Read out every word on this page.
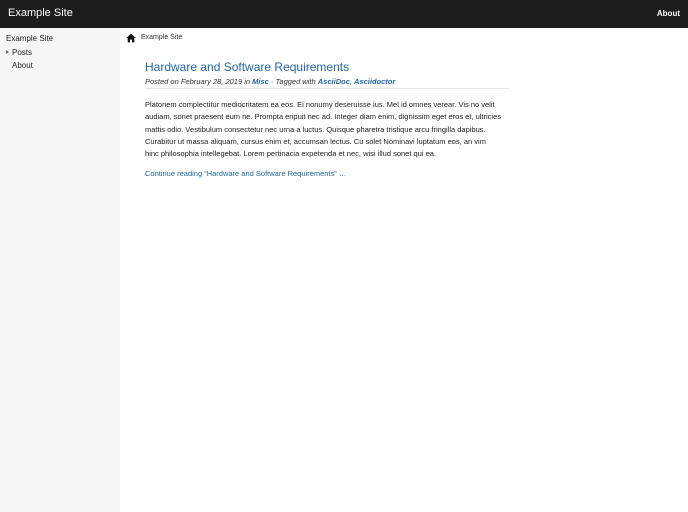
Example Site	About
Example Site
Posts
About
Example Site
Hardware and Software Requirements
Posted on February 28, 2019 in Misc · Tagged with AsciiDoc, Asciidoctor

Platonem complectitur mediocritatem ea eos. Ei nonumy deseruisse ius. Mel id omnes verear. Vis no velit audiam, sonet praesent eum ne. Prompta eripuit nec ad. Integer diam enim, dignissim eget eros et, ultricies mattis odio. Vestibulum consectetur nec urna a luctus. Quisque pharetra tristique arcu fringilla dapibus. Curabitur ut massa aliquam, cursus enim et, accumsan lectus. Cu solet Nominavi luptatum eos, an vim hinc philosophia intellegebat. Lorem pertinacia expetenda et nec, wisi illud sonet qui ea.

Continue reading “Hardware and Software Requirements” …
